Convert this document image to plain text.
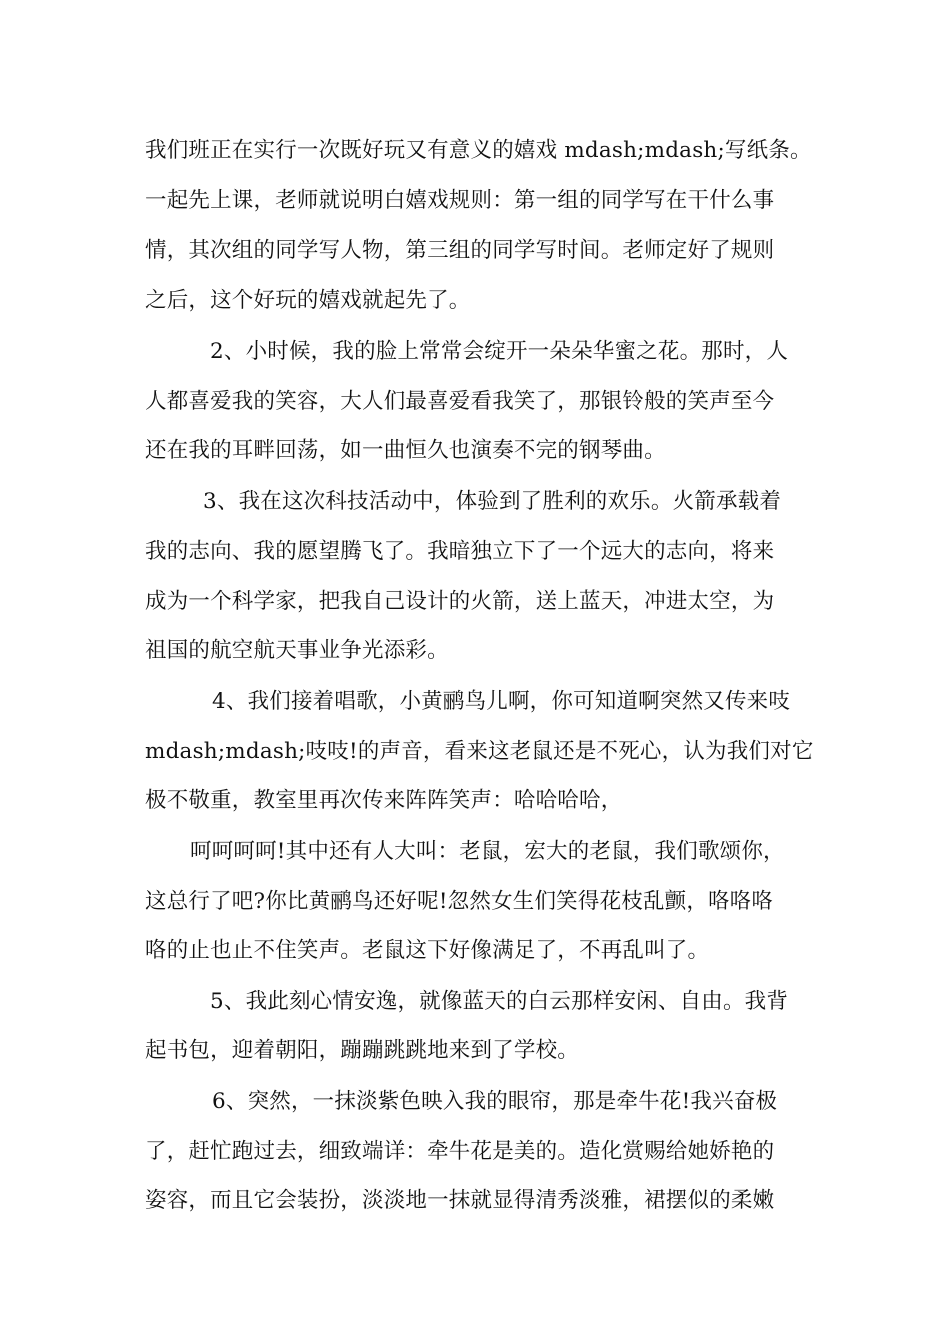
我们班正在实行一次既好玩又有意义的嬉戏 mdash;mdash;写纸条。
一起先上课，老师就说明白嬉戏规则：第一组的同学写在干什么事
情，其次组的同学写人物，第三组的同学写时间。老师定好了规则
之后，这个好玩的嬉戏就起先了。
2、小时候，我的脸上常常会绽开一朵朵华蜜之花。那时，人
人都喜爱我的笑容，大人们最喜爱看我笑了，那银铃般的笑声至今
还在我的耳畔回荡，如一曲恒久也演奏不完的钢琴曲。
3、我在这次科技活动中，体验到了胜利的欢乐。火箭承载着
我的志向、我的愿望腾飞了。我暗独立下了一个远大的志向，将来
成为一个科学家，把我自己设计的火箭，送上蓝天，冲进太空，为
祖国的航空航天事业争光添彩。
4、我们接着唱歌，小黄鹂鸟儿啊，你可知道啊突然又传来吱
mdash;mdash;吱吱!的声音，看来这老鼠还是不死心，认为我们对它
极不敬重，教室里再次传来阵阵笑声：哈哈哈哈，
呵呵呵呵!其中还有人大叫：老鼠，宏大的老鼠，我们歌颂你，
这总行了吧?你比黄鹂鸟还好呢!忽然女生们笑得花枝乱颤，咯咯咯
咯的止也止不住笑声。老鼠这下好像满足了，不再乱叫了。
5、我此刻心情安逸，就像蓝天的白云那样安闲、自由。我背
起书包，迎着朝阳，蹦蹦跳跳地来到了学校。
6、突然，一抹淡紫色映入我的眼帘，那是牵牛花!我兴奋极
了，赶忙跑过去，细致端详：牵牛花是美的。造化赏赐给她娇艳的
姿容，而且它会装扮，淡淡地一抹就显得清秀淡雅，裙摆似的柔嫩
